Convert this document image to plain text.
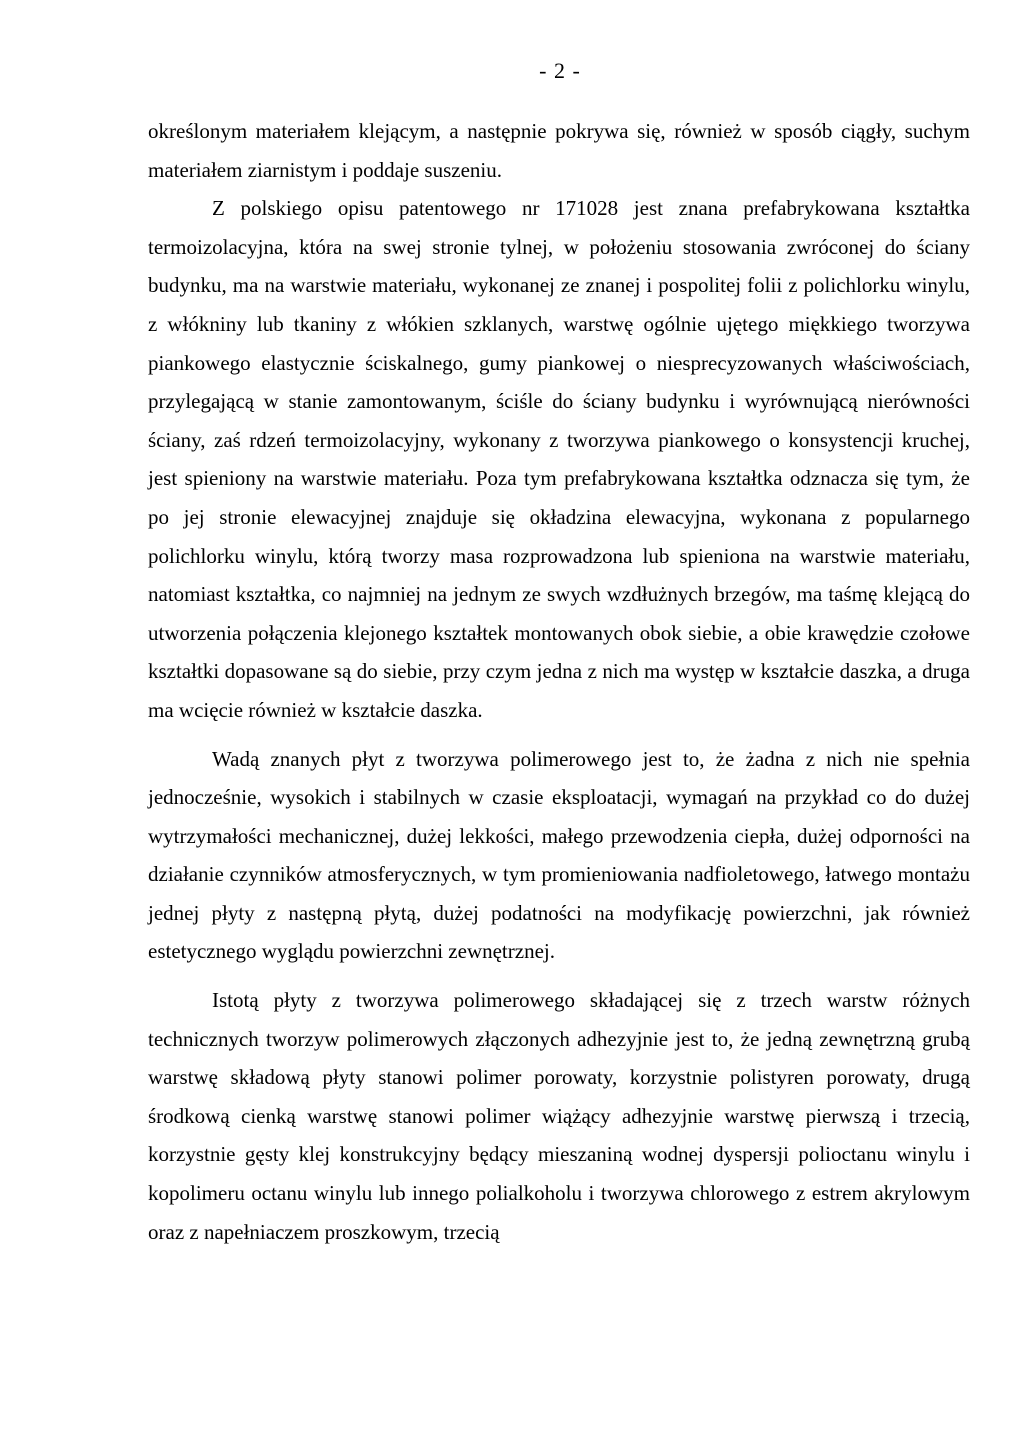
- 2 -

określonym materiałem klejącym, a następnie pokrywa się, również w sposób ciągły, suchym materiałem ziarnistym i poddaje suszeniu.

Z polskiego opisu patentowego nr 171028 jest znana prefabrykowana kształtka termoizolacyjna, która na swej stronie tylnej, w położeniu stosowania zwróconej do ściany budynku, ma na warstwie materiału, wykonanej ze znanej i pospolitej folii z polichlorku winylu, z włókniny lub tkaniny z włókien szklanych, warstwę ogólnie ujętego miękkiego tworzywa piankowego elastycznie ściskalnego, gumy piankowej o niesprecyzowanych właściwościach, przylegającą w stanie zamontowanym, ściśle do ściany budynku i wyrównującą nierówności ściany, zaś rdzeń termoizolacyjny, wykonany z tworzywa piankowego o konsystencji kruchej, jest spieniony na warstwie materiału. Poza tym prefabrykowana kształtka odznacza się tym, że po jej stronie elewacyjnej znajduje się okładzina elewacyjna, wykonana z popularnego polichlorku winylu, którą tworzy masa rozprowadzona lub spieniona na warstwie materiału, natomiast kształtka, co najmniej na jednym ze swych wzdłużnych brzegów, ma taśmę klejącą do utworzenia połączenia klejonego kształtek montowanych obok siebie, a obie krawędzie czołowe kształtki dopasowane są do siebie, przy czym jedna z nich ma występ w kształcie daszka, a druga ma wcięcie również w kształcie daszka.

Wadą znanych płyt z tworzywa polimerowego jest to, że żadna z nich nie spełnia jednocześnie, wysokich i stabilnych w czasie eksploatacji, wymagań na przykład co do dużej wytrzymałości mechanicznej, dużej lekkości, małego przewodzenia ciepła, dużej odporności na działanie czynników atmosferycznych, w tym promieniowania nadfioletowego, łatwego montażu jednej płyty z następną płytą, dużej podatności na modyfikację powierzchni, jak również estetycznego wyglądu powierzchni zewnętrznej.

Istotą płyty z tworzywa polimerowego składającej się z trzech warstw różnych technicznych tworzyw polimerowych złączonych adhezyjnie jest to, że jedną zewnętrzną grubą warstwę składową płyty stanowi polimer porowaty, korzystnie polistyren porowaty, drugą środkową cienką warstwę stanowi polimer wiążący adhezyjnie warstwę pierwszą i trzecią, korzystnie gęsty klej konstrukcyjny będący mieszaniną wodnej dyspersji polioctanu winylu i kopolimeru octanu winylu lub innego polialkoholu i tworzywa chlorowego z estrem akrylowym oraz z napełniaczem proszkowym, trzecią
